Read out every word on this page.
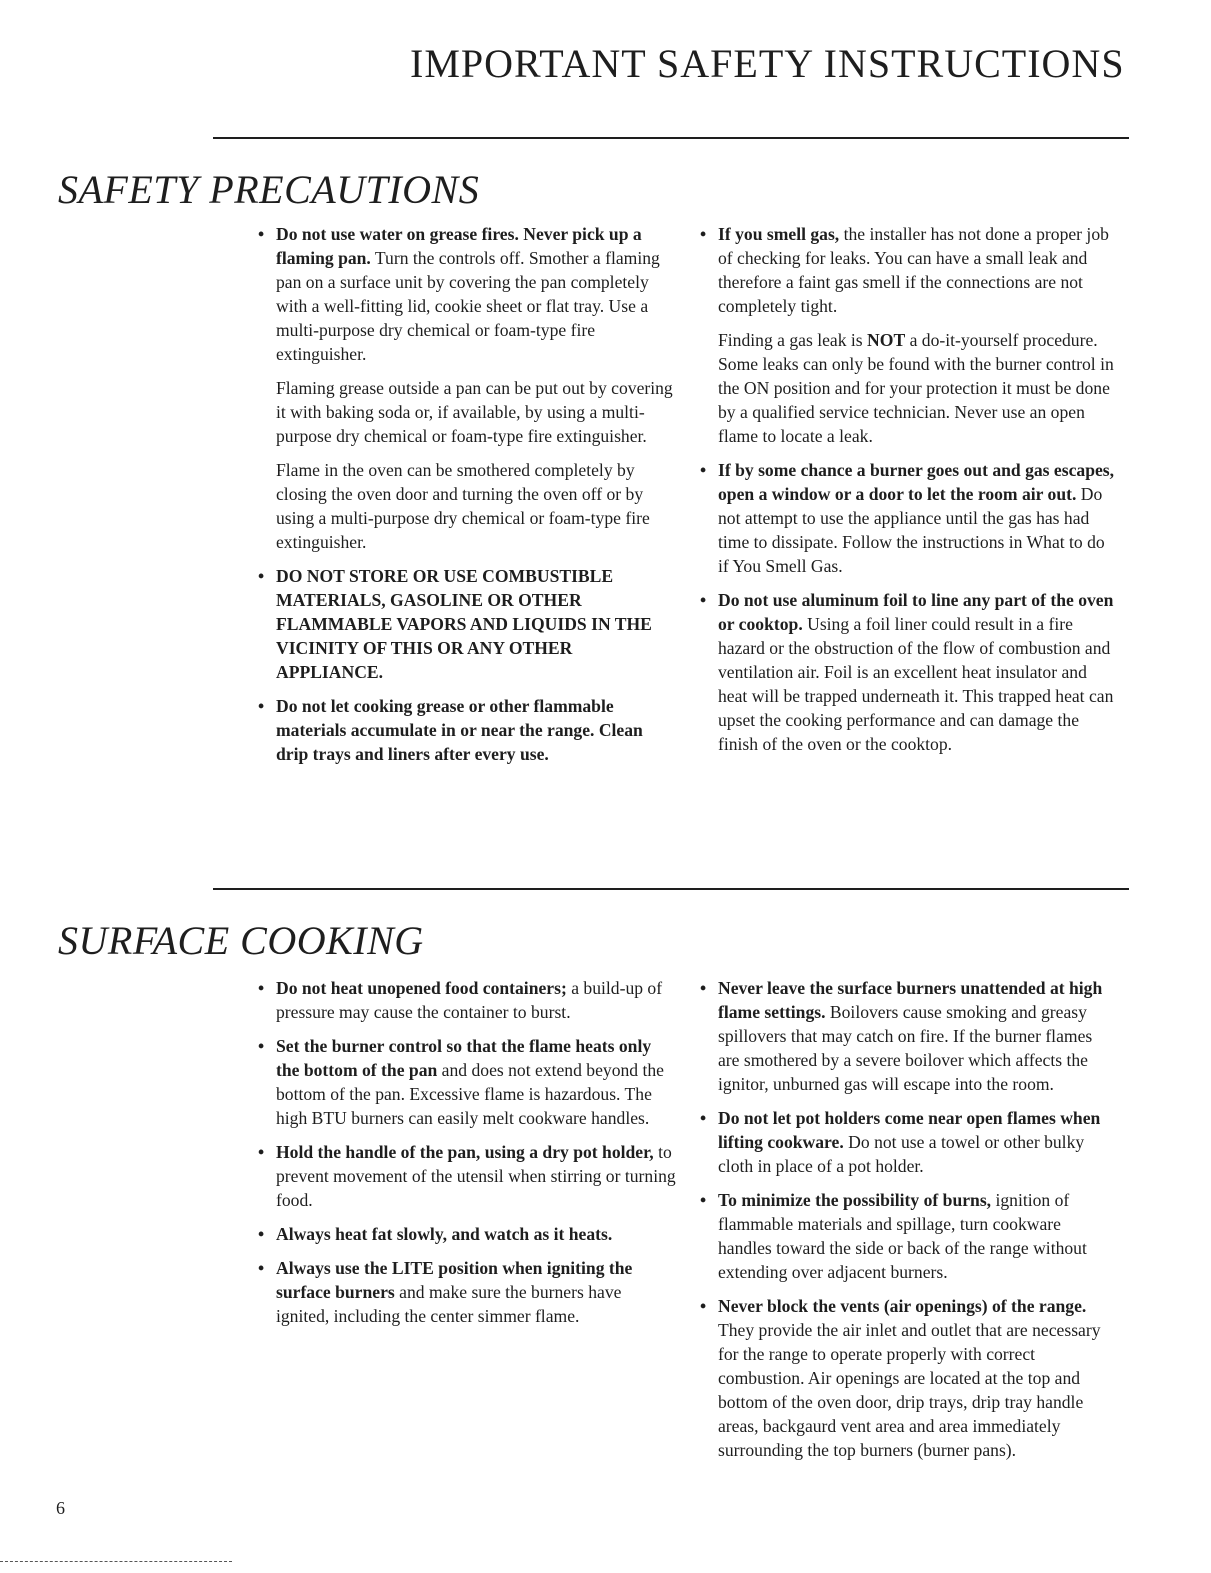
IMPORTANT SAFETY INSTRUCTIONS
SAFETY PRECAUTIONS
• Do not use water on grease fires. Never pick up a flaming pan. Turn the controls off. Smother a flaming pan on a surface unit by covering the pan completely with a well-fitting lid, cookie sheet or flat tray. Use a multi-purpose dry chemical or foam-type fire extinguisher.

Flaming grease outside a pan can be put out by covering it with baking soda or, if available, by using a multi-purpose dry chemical or foam-type fire extinguisher.

Flame in the oven can be smothered completely by closing the oven door and turning the oven off or by using a multi-purpose dry chemical or foam-type fire extinguisher.

• DO NOT STORE OR USE COMBUSTIBLE MATERIALS, GASOLINE OR OTHER FLAMMABLE VAPORS AND LIQUIDS IN THE VICINITY OF THIS OR ANY OTHER APPLIANCE.
• Do not let cooking grease or other flammable materials accumulate in or near the range. Clean drip trays and liners after every use.
• If you smell gas, the installer has not done a proper job of checking for leaks. You can have a small leak and therefore a faint gas smell if the connections are not completely tight.

Finding a gas leak is NOT a do-it-yourself procedure. Some leaks can only be found with the burner control in the ON position and for your protection it must be done by a qualified service technician. Never use an open flame to locate a leak.

• If by some chance a burner goes out and gas escapes, open a window or a door to let the room air out. Do not attempt to use the appliance until the gas has had time to dissipate. Follow the instructions in What to do if You Smell Gas.
• Do not use aluminum foil to line any part of the oven or cooktop. Using a foil liner could result in a fire hazard or the obstruction of the flow of combustion and ventilation air. Foil is an excellent heat insulator and heat will be trapped underneath it. This trapped heat can upset the cooking performance and can damage the finish of the oven or the cooktop.
SURFACE COOKING
• Do not heat unopened food containers; a build-up of pressure may cause the container to burst.
• Set the burner control so that the flame heats only the bottom of the pan and does not extend beyond the bottom of the pan. Excessive flame is hazardous. The high BTU burners can easily melt cookware handles.
• Hold the handle of the pan, using a dry pot holder, to prevent movement of the utensil when stirring or turning food.
• Always heat fat slowly, and watch as it heats.
• Always use the LITE position when igniting the surface burners and make sure the burners have ignited, including the center simmer flame.
• Never leave the surface burners unattended at high flame settings. Boilovers cause smoking and greasy spillovers that may catch on fire. If the burner flames are smothered by a severe boilover which affects the ignitor, unburned gas will escape into the room.
• Do not let pot holders come near open flames when lifting cookware. Do not use a towel or other bulky cloth in place of a pot holder.
• To minimize the possibility of burns, ignition of flammable materials and spillage, turn cookware handles toward the side or back of the range without extending over adjacent burners.
• Never block the vents (air openings) of the range. They provide the air inlet and outlet that are necessary for the range to operate properly with correct combustion. Air openings are located at the top and bottom of the oven door, drip trays, drip tray handle areas, backgaurd vent area and area immediately surrounding the top burners (burner pans).
6
